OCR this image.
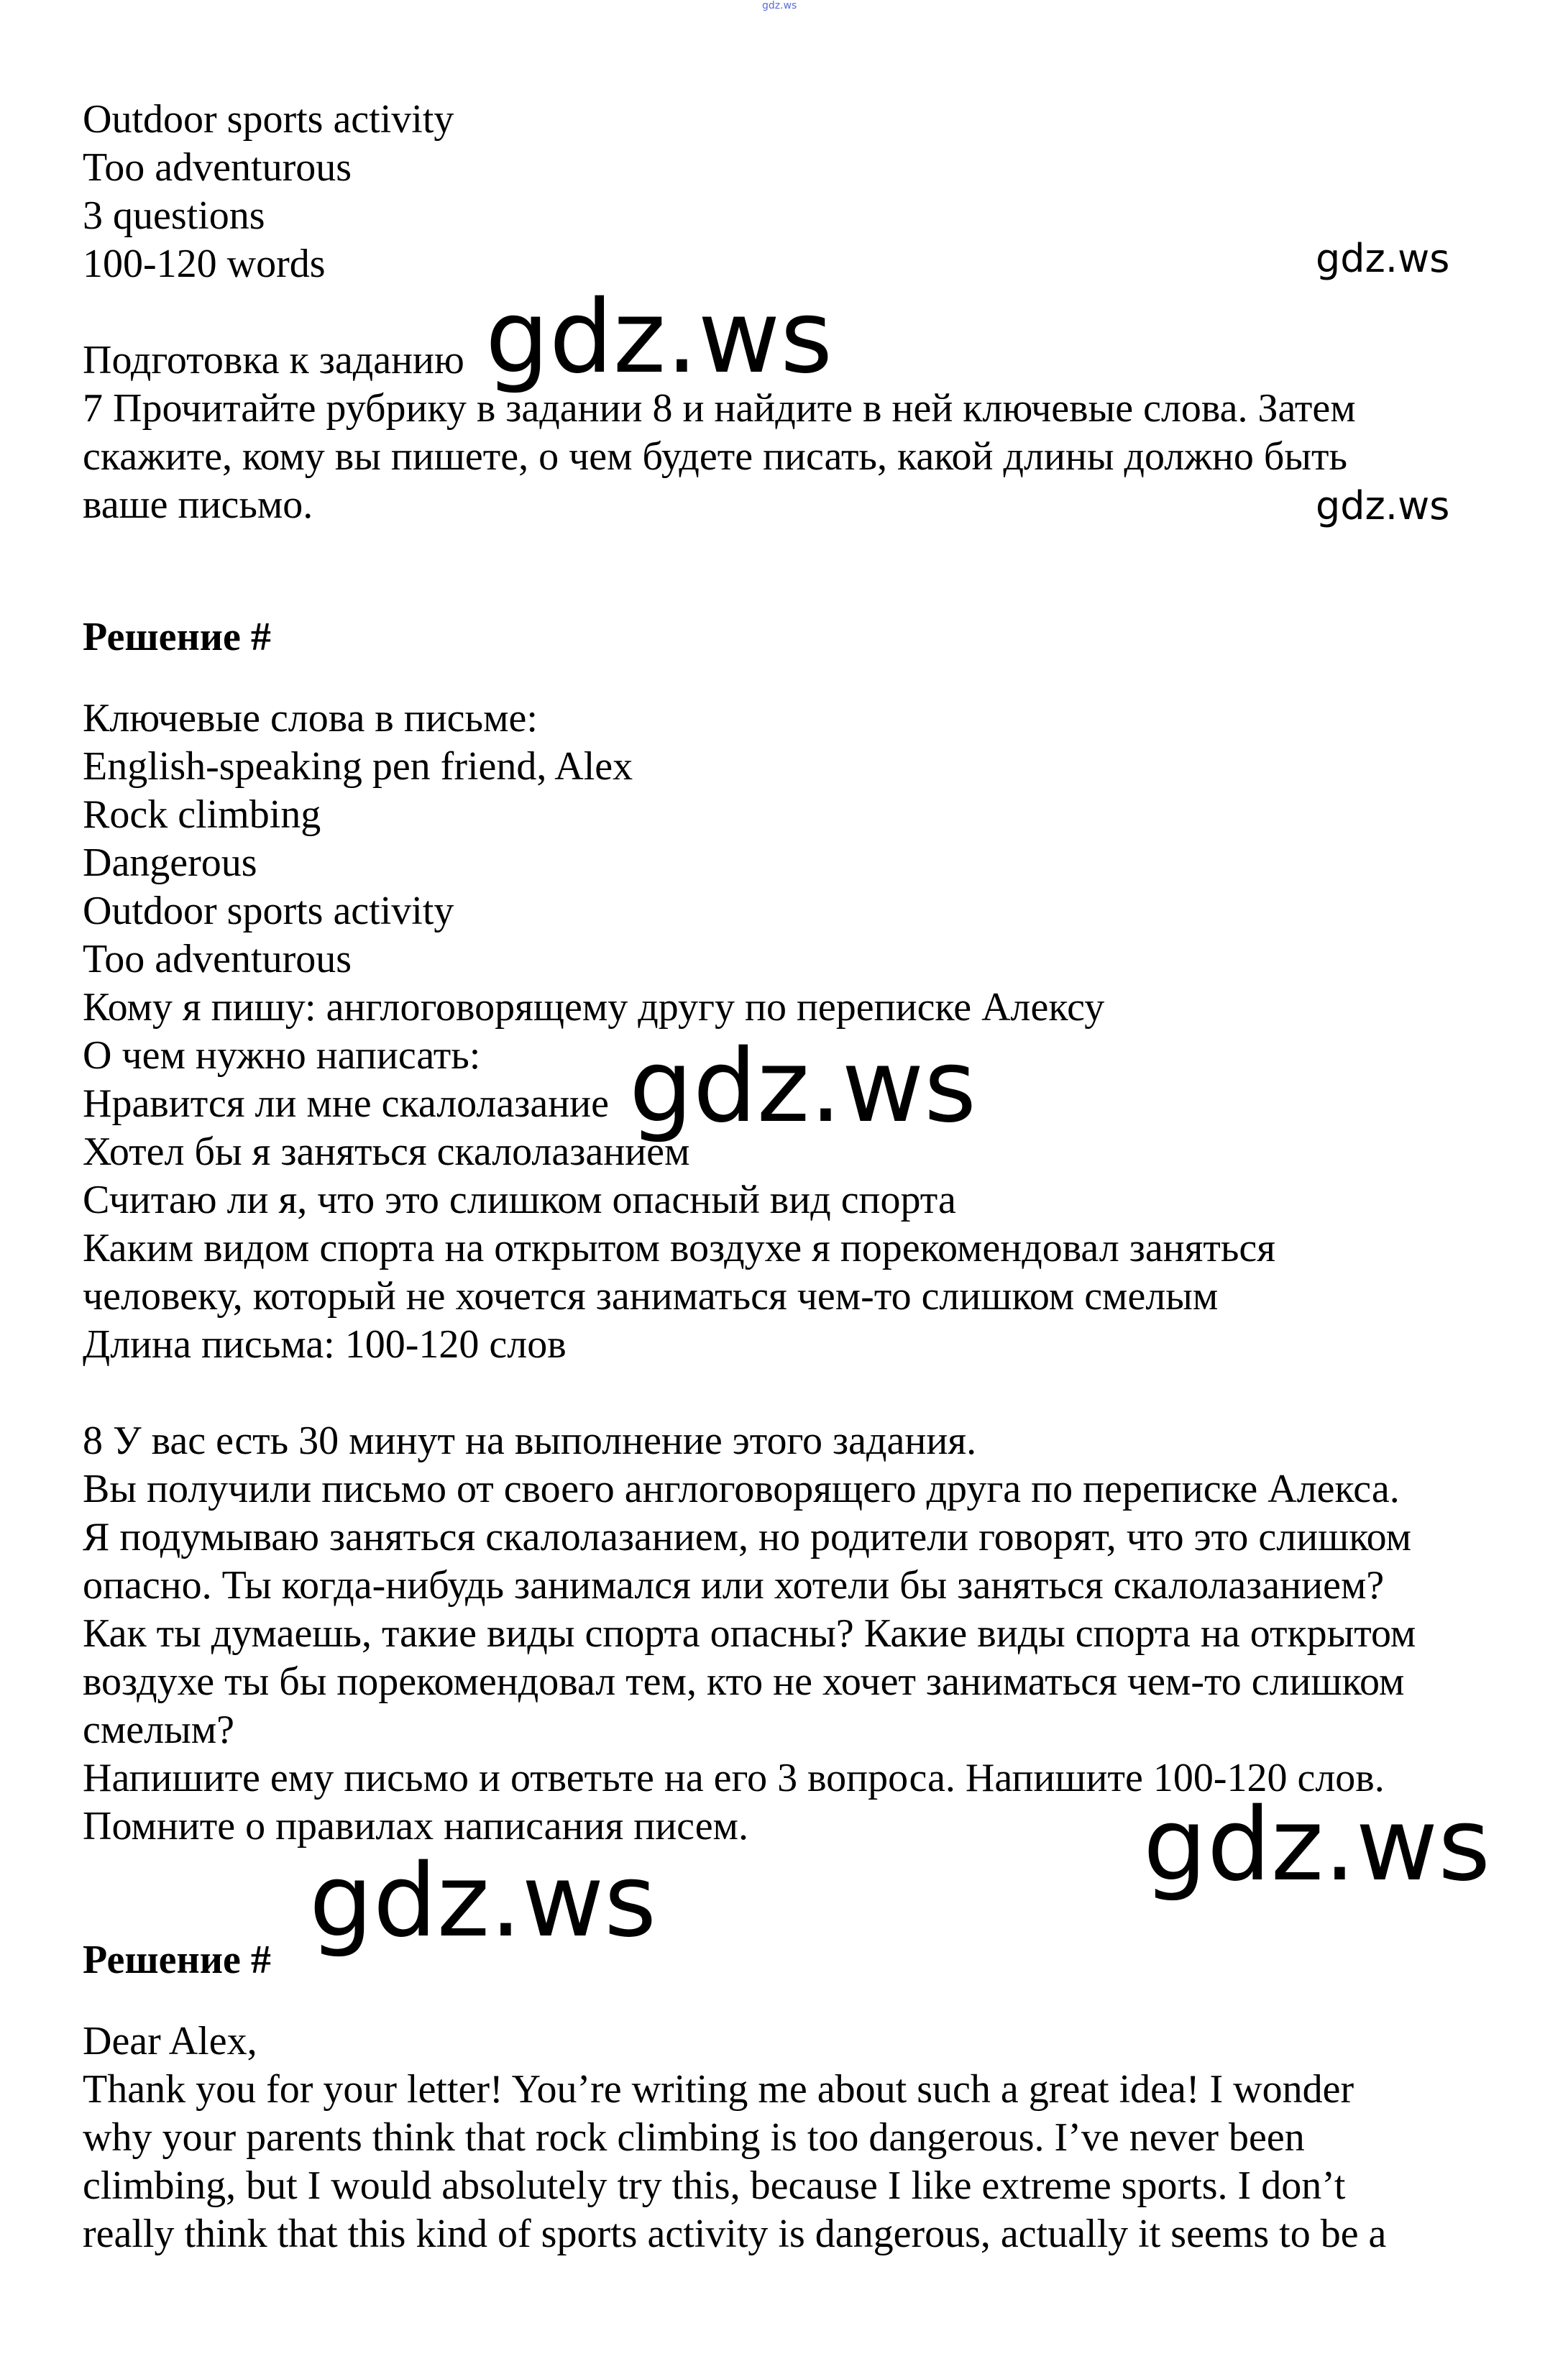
gdz.ws
Outdoor sports activity
Too adventurous
3 questions
100-120 words
Подготовка к заданию
7 Прочитайте рубрику в задании 8 и найдите в ней ключевые слова. Затем
скажите, кому вы пишете, о чем будете писать, какой длины должно быть
ваше письмо.
Решение #
Ключевые слова в письме:
English-speaking pen friend, Alex
Rock climbing
Dangerous
Outdoor sports activity
Too adventurous
Кому я пишу: англоговорящему другу по переписке Алексу
О чем нужно написать:
Нравится ли мне скалолазание
Хотел бы я заняться скалолазанием
Считаю ли я, что это слишком опасный вид спорта
Каким видом спорта на открытом воздухе я порекомендовал заняться
человеку, который не хочется заниматься чем-то слишком смелым
Длина письма: 100-120 слов
8 У вас есть 30 минут на выполнение этого задания.
Вы получили письмо от своего англоговорящего друга по переписке Алекса.
Я подумываю заняться скалолазанием, но родители говорят, что это слишком
опасно. Ты когда-нибудь занимался или хотели бы заняться скалолазанием?
Как ты думаешь, такие виды спорта опасны? Какие виды спорта на открытом
воздухе ты бы порекомендовал тем, кто не хочет заниматься чем-то слишком
смелым?
Напишите ему письмо и ответьте на его 3 вопроса. Напишите 100-120 слов.
Помните о правилах написания писем.
Решение #
Dear Alex,
Thank you for your letter! You’re writing me about such a great idea! I wonder
why your parents think that rock climbing is too dangerous. I’ve never been
climbing, but I would absolutely try this, because I like extreme sports. I don’t
really think that this kind of sports activity is dangerous, actually it seems to be a
gdz.ws
gdz.ws
gdz.ws
gdz.ws
gdz.ws
gdz.ws
